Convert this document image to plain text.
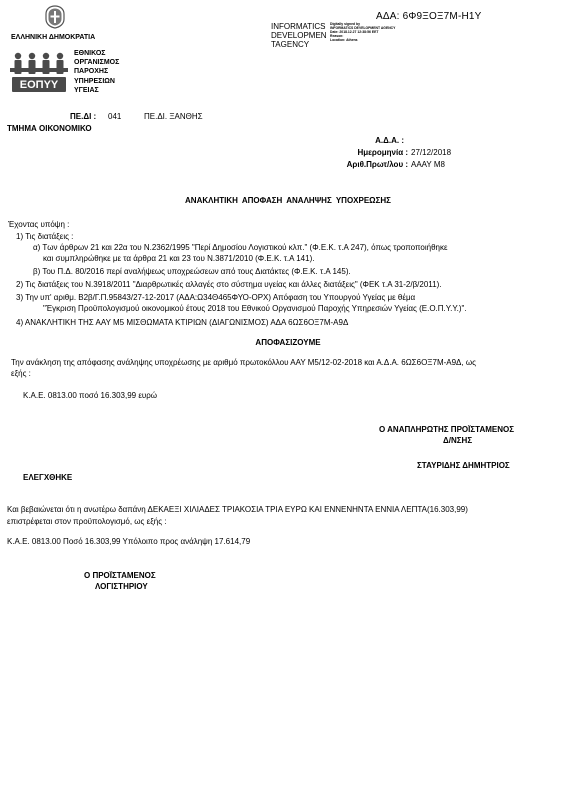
ΕΛΛΗΝΙΚΗ ΔΗΜΟΚΡΑΤΙΑ
INFORMATICS
DEVELOPMEN
TAGENCY
Digitally signed by
INFORMATICS DEVELOPMENT AGENCY
Date: 2018.12.27 12:38:56 EET
Reason:
Location: Athens
ΑΔΑ: 6Φ9ΞΟΞ7Μ-Η1Υ
ΕΟΠΥΥ
ΕΘΝΙΚΟΣ
ΟΡΓΑΝΙΣΜΟΣ
ΠΑΡΟΧΗΣ
ΥΠΗΡΕΣΙΩΝ
ΥΓΕΙΑΣ
ΠΕ.ΔΙ : 041	ΠΕ.ΔΙ. ΞΑΝΘΗΣ
ΤΜΗΜΑ ΟΙΚΟΝΟΜΙΚΟ
Α.Δ.Α. :
Ημερομηνία : 27/12/2018
Αριθ.Πρωτ/λου : ΑΑΑΥ Μ8
ΑΝΑΚΛΗΤΙΚΗ ΑΠΟΦΑΣΗ ΑΝΑΛΗΨΗΣ ΥΠΟΧΡΕΩΣΗΣ
Έχοντας υπόψη :
1) Τις διατάξεις :
α) Των άρθρων 21 και 22α του Ν.2362/1995 "Περί Δημοσίου Λογιστικού κλπ." (Φ.Ε.Κ. τ.Α 247), όπως τροποποιήθηκε
και συμπληρώθηκε με τα άρθρα 21 και 23 του Ν.3871/2010 (Φ.Ε.Κ. τ.Α 141).
β) Του Π.Δ. 80/2016 περί αναλήψεως υποχρεώσεων από τους Διατάκτες (Φ.Ε.Κ. τ.Α 145).
2) Τις διατάξεις του Ν.3918/2011 "Διαρθρωτικές αλλαγές στο σύστημα υγείας και άλλες διατάξεις" (ΦΕΚ τ.Α 31-2/β/2011).
3) Την υπ' αριθμ. Β2β/Γ.Π.95843/27-12-2017 (ΑΔΑ:Ω34Θ465ΦΥΟ-ΟΡΧ) Απόφαση του Υπουργού Υγείας με θέμα
"Έγκριση Προϋπολογισμού οικονομικού έτους 2018 του Εθνικού Οργανισμού Παροχής Υπηρεσιών Υγείας (Ε.Ο.Π.Υ.Υ.)".
4) ΑΝΑΚΛΗΤΙΚΗ ΤΗΣ ΑΑΥ Μ5 ΜΙΣΘΩΜΑΤΑ ΚΤΙΡΙΩΝ (ΔΙΑΓΩΝΙΣΜΟΣ) ΑΔΑ 6ΩΣ6ΟΞ7Μ-Α9Δ
ΑΠΟΦΑΣΙΖΟΥΜΕ
Την ανάκληση της απόφασης ανάληψης υποχρέωσης με αριθμό πρωτοκόλλου ΑΑΥ Μ5/12-02-2018 και Α.Δ.Α. 6ΩΣ6ΟΞ7Μ-Α9Δ, ως
εξής :
Κ.Α.Ε. 0813.00 ποσό 16.303,99 ευρώ
Ο ΑΝΑΠΛΗΡΩΤΗΣ ΠΡΟΪΣΤΑΜΕΝΟΣ
Δ/ΝΣΗΣ
ΣΤΑΥΡΙΔΗΣ ΔΗΜΗΤΡΙΟΣ
ΕΛΕΓΧΘΗΚΕ
Και βεβαιώνεται ότι η ανωτέρω δαπάνη ΔΕΚΑΕΞΙ ΧΙΛΙΑΔΕΣ ΤΡΙΑΚΟΣΙΑ ΤΡΙΑ ΕΥΡΩ ΚΑΙ ΕΝΝΕΝΗΝΤΑ ΕΝΝΙΑ ΛΕΠΤΑ(16.303,99)
επιστρέφεται στον προϋπολογισμό, ως εξής :
Κ.Α.Ε. 0813.00 Ποσό 16.303,99 Υπόλοιπο προς ανάληψη 17.614,79
Ο ΠΡΟΪΣΤΑΜΕΝΟΣ
ΛΟΓΙΣΤΗΡΙΟΥ
